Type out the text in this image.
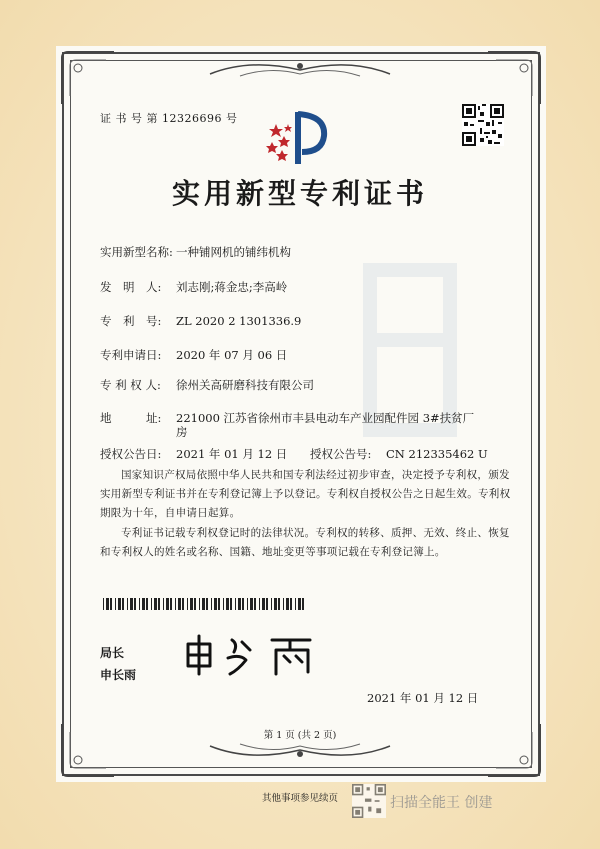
证 书 号 第 12326696 号
实用新型专利证书
实用新型名称: 一种铺网机的铺纬机构
发　明　人: 刘志刚;蒋金忠;李高岭
专　利　号: ZL 2020 2 1301336.9
专利申请日: 2020 年 07 月 06 日
专 利 权 人: 徐州关高研磨科技有限公司
地　　　址: 221000 江苏省徐州市丰县电动车产业园配件园 3#扶贫厂
房
授权公告日: 2021 年 01 月 12 日 授权公告号: CN 212335462 U
国家知识产权局依照中华人民共和国专利法经过初步审查，决定授予专利权，颁发实用新型专利证书并在专利登记簿上予以登记。专利权自授权公告之日起生效。专利权期限为十年，自申请日起算。
专利证书记载专利权登记时的法律状况。专利权的转移、质押、无效、终止、恢复和专利权人的姓名或名称、国籍、地址变更等事项记载在专利登记簿上。
局长
申长雨
2021 年 01 月 12 日
第 1 页 (共 2 页)
其他事项参见续页	扫描全能王 创建
